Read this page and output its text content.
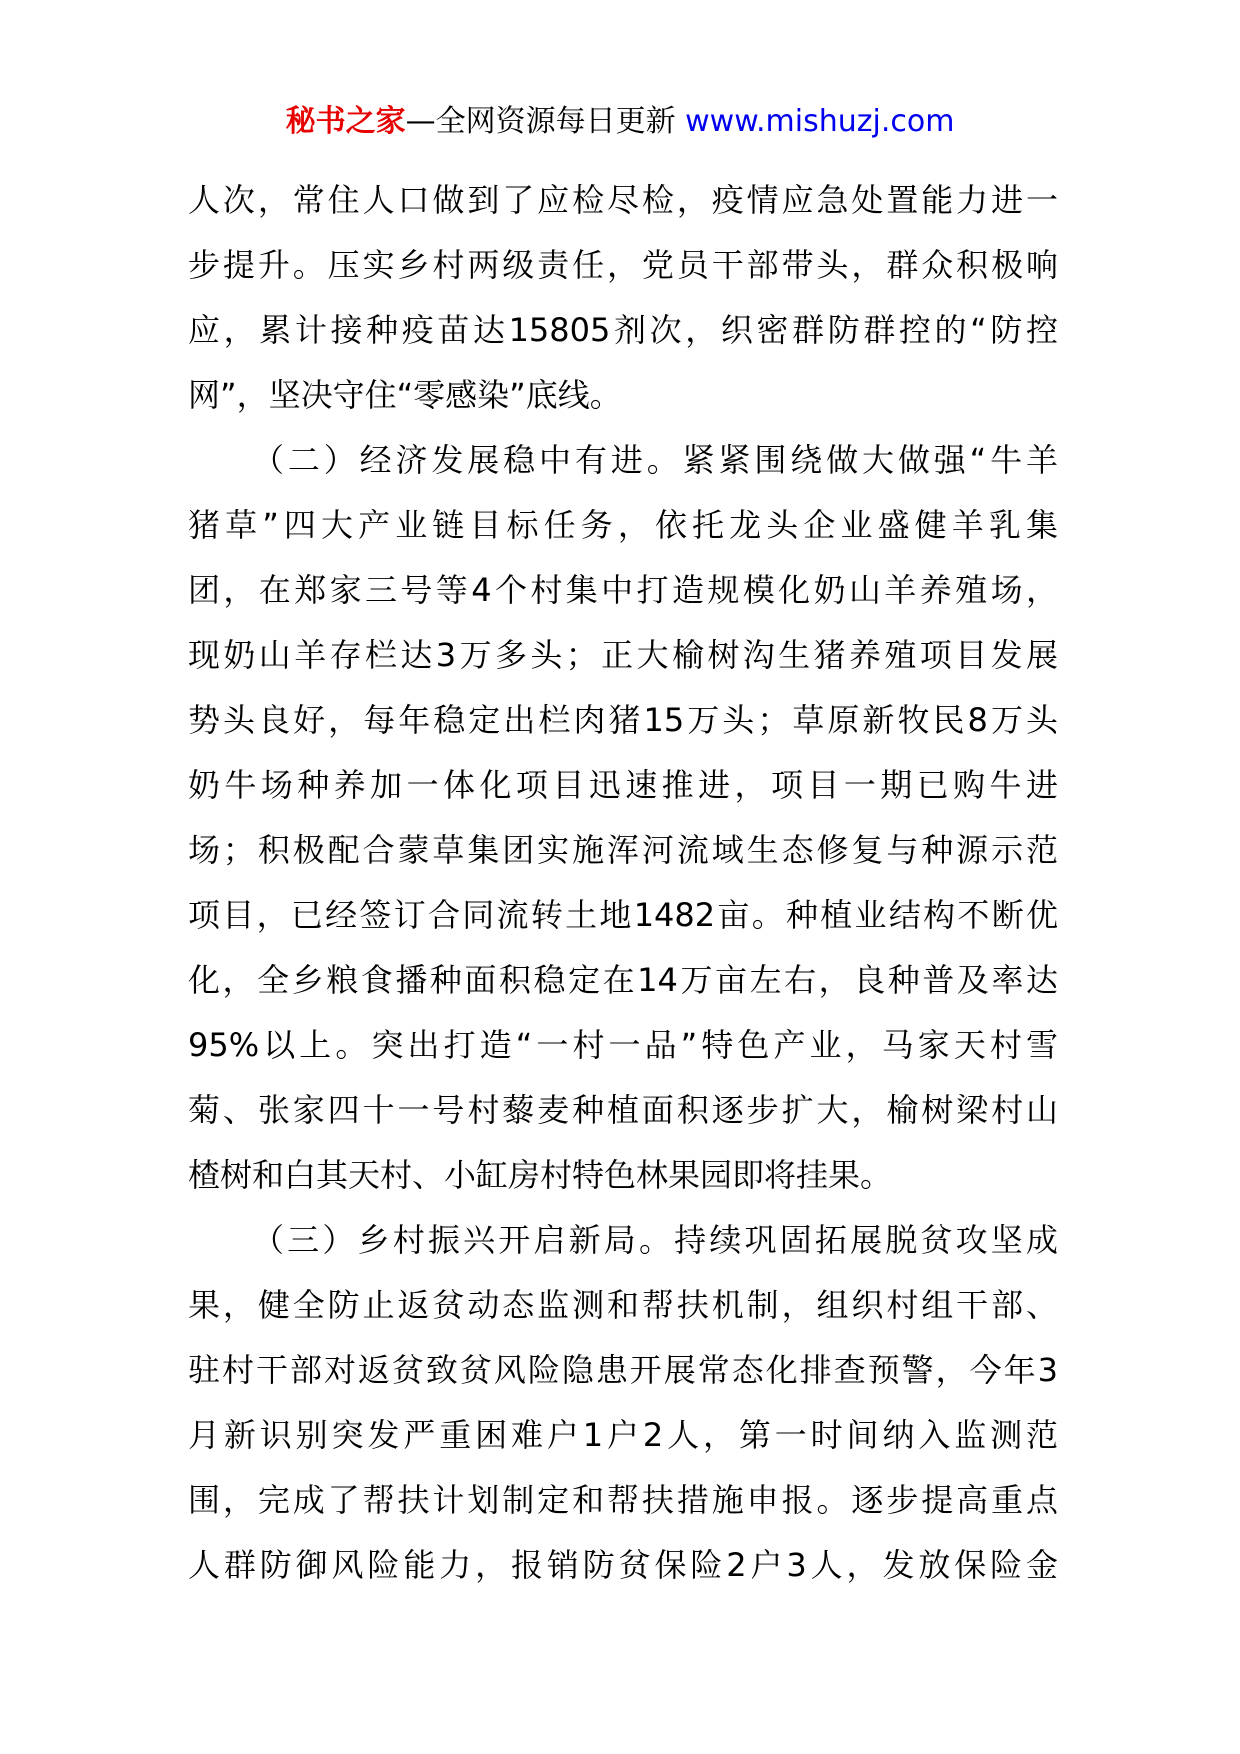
秘书之家—全网资源每日更新 www.mishuzj.com
人次，常住人口做到了应检尽检，疫情应急处置能力进一
步提升。压实乡村两级责任，党员干部带头，群众积极响
应，累计接种疫苗达15805剂次，织密群防群控的“防控
网”，坚决守住“零感染”底线。
（二）经济发展稳中有进。紧紧围绕做大做强“牛羊
猪草”四大产业链目标任务，依托龙头企业盛健羊乳集
团，在郑家三号等4个村集中打造规模化奶山羊养殖场，
现奶山羊存栏达3万多头；正大榆树沟生猪养殖项目发展
势头良好，每年稳定出栏肉猪15万头；草原新牧民8万头
奶牛场种养加一体化项目迅速推进，项目一期已购牛进
场；积极配合蒙草集团实施浑河流域生态修复与种源示范
项目，已经签订合同流转土地1482亩。种植业结构不断优
化，全乡粮食播种面积稳定在14万亩左右，良种普及率达
95%以上。突出打造“一村一品”特色产业，马家天村雪
菊、张家四十一号村藜麦种植面积逐步扩大，榆树梁村山
楂树和白其天村、小缸房村特色林果园即将挂果。
（三）乡村振兴开启新局。持续巩固拓展脱贫攻坚成
果，健全防止返贫动态监测和帮扶机制，组织村组干部、
驻村干部对返贫致贫风险隐患开展常态化排查预警，今年3
月新识别突发严重困难户1户2人，第一时间纳入监测范
围，完成了帮扶计划制定和帮扶措施申报。逐步提高重点
人群防御风险能力，报销防贫保险2户3人，发放保险金
